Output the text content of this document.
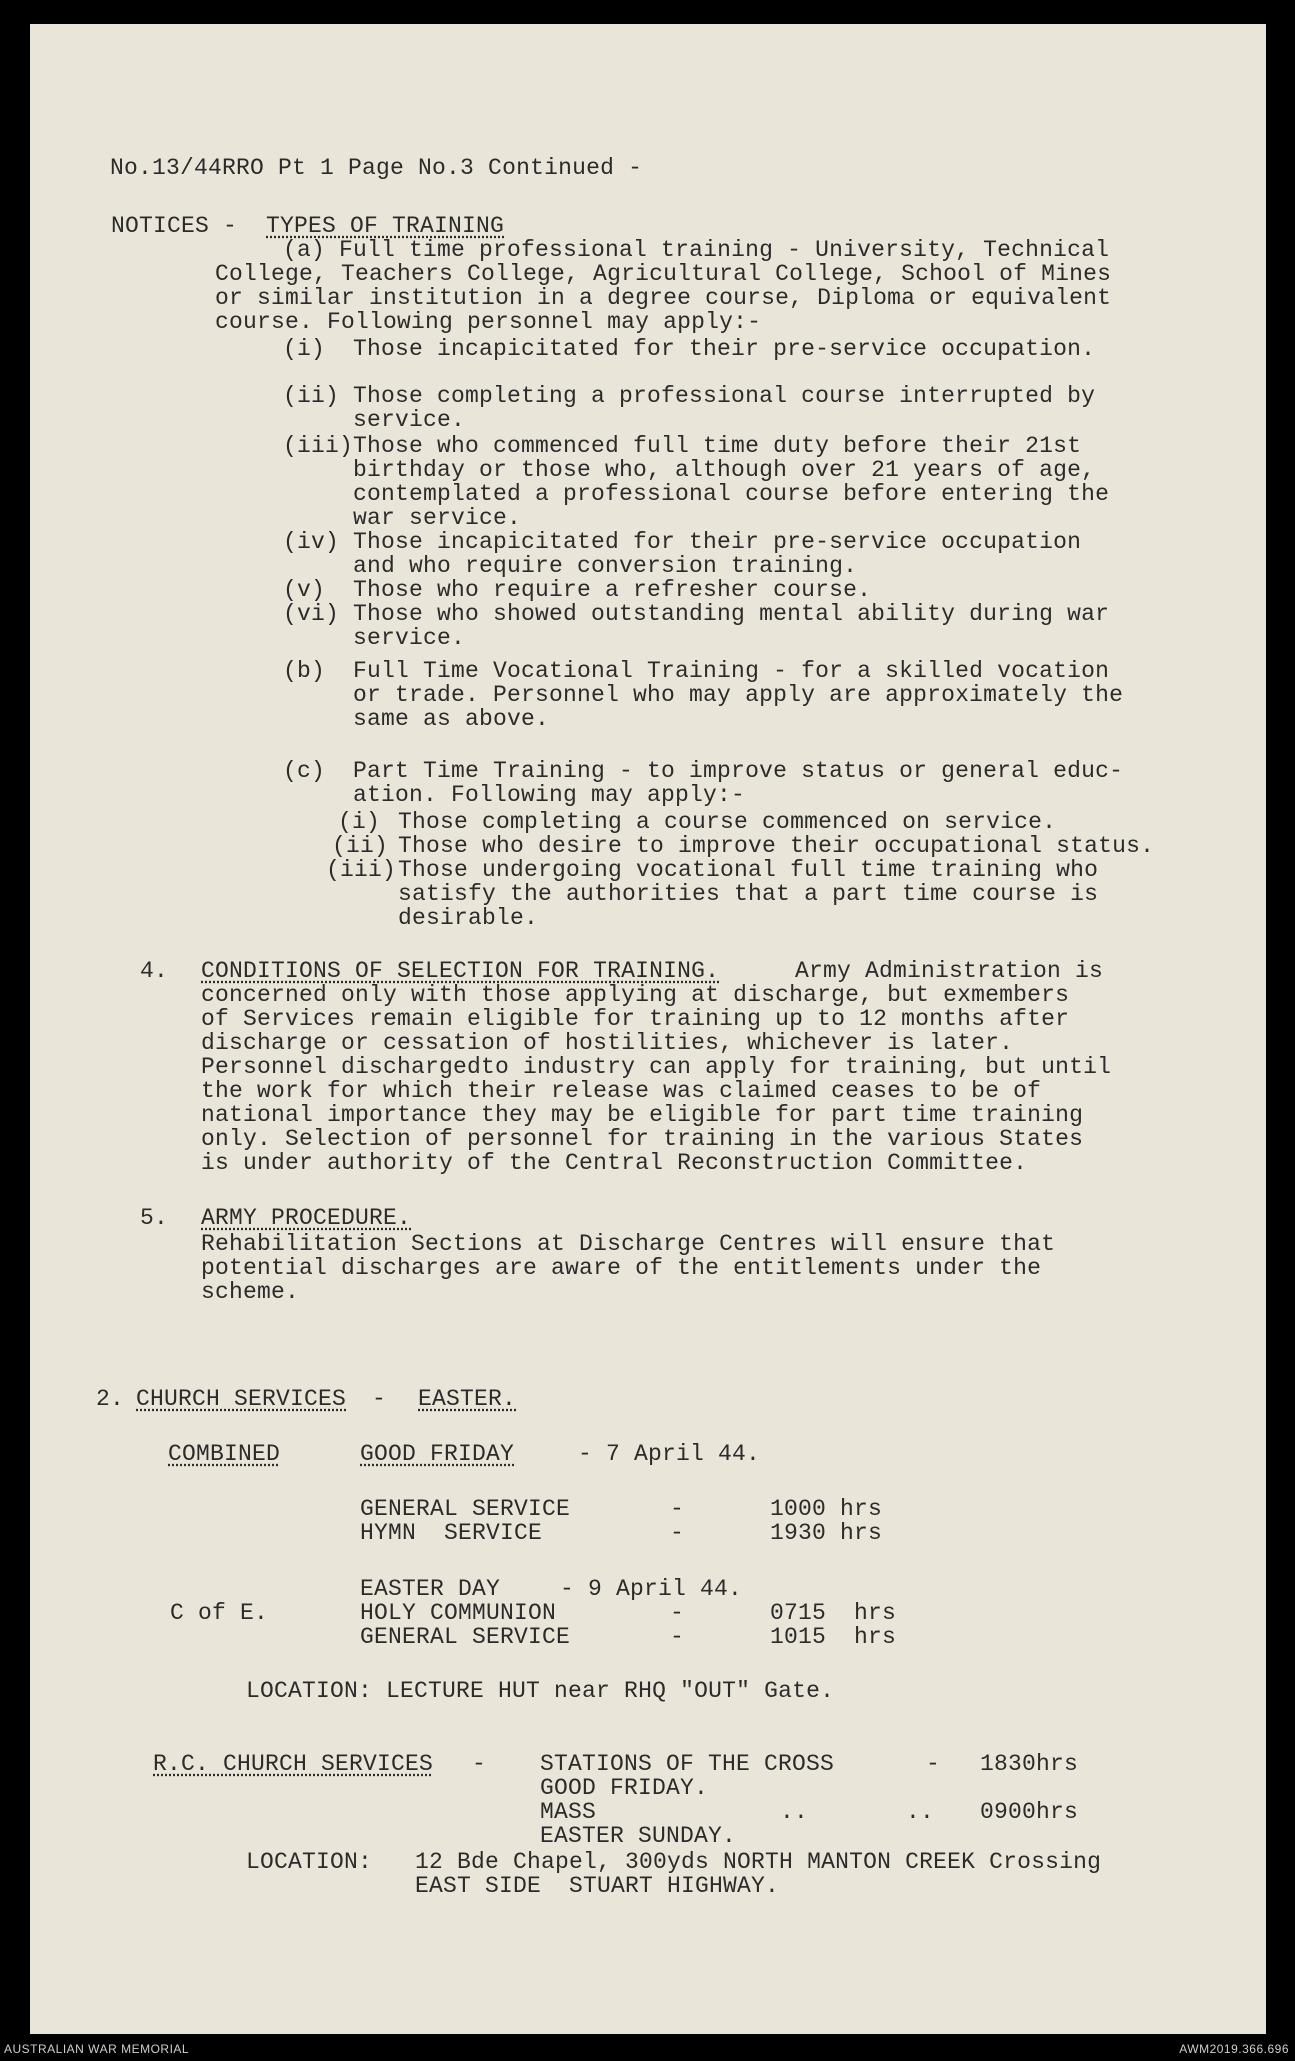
No.13/44RRO Pt 1 Page No.3 Continued -
NOTICES - TYPES OF TRAINING
(a) Full time professional training - University, Technical
College, Teachers College, Agricultural College, School of Mines
or similar institution in a degree course, Diploma or equivalent
course. Following personnel may apply:-
(i) Those incapicitated for their pre-service occupation.
(ii) Those completing a professional course interrupted by
service.
(iii) Those who commenced full time duty before their 21st
birthday or those who, although over 21 years of age,
contemplated a professional course before entering the
war service.
(iv) Those incapicitated for their pre-service occupation
and who require conversion training.
(v) Those who require a refresher course.
(vi) Those who showed outstanding mental ability during war
service.
(b) Full Time Vocational Training - for a skilled vocation
or trade. Personnel who may apply are approximately the
same as above.
(c) Part Time Training - to improve status or general educ-
ation. Following may apply:-
(i) Those completing a course commenced on service.
(ii) Those who desire to improve their occupational status.
(iii) Those undergoing vocational full time training who
satisfy the authorities that a part time course is
desirable.
4. CONDITIONS OF SELECTION FOR TRAINING.	Army Administration is
concerned only with those applying at discharge, but exmembers
of Services remain eligible for training up to 12 months after
discharge or cessation of hostilities, whichever is later.
Personnel dischargedto industry can apply for training, but until
the work for which their release was claimed ceases to be of
national importance they may be eligible for part time training
only. Selection of personnel for training in the various States
is under authority of the Central Reconstruction Committee.
5. ARMY PROCEDURE.
Rehabilitation Sections at Discharge Centres will ensure that
potential discharges are aware of the entitlements under the
scheme.
2. CHURCH SERVICES - EASTER.
COMBINED	GOOD FRIDAY	- 7 April 44.
GENERAL SERVICE	-	1000 hrs
HYMN  SERVICE	-	1930 hrs
EASTER DAY	- 9 April 44.
C of E.	HOLY COMMUNION	-	0715  hrs
GENERAL SERVICE	-	1015  hrs
LOCATION: LECTURE HUT near RHQ "OUT" Gate.
R.C. CHURCH SERVICES - STATIONS OF THE CROSS	- 1830hrs
GOOD FRIDAY.
MASS	..       .. 0900hrs
EASTER SUNDAY.
LOCATION: 12 Bde Chapel, 300yds NORTH MANTON CREEK Crossing
EAST SIDE  STUART HIGHWAY.
AUSTRALIAN WAR MEMORIAL	AWM2019.366.696
